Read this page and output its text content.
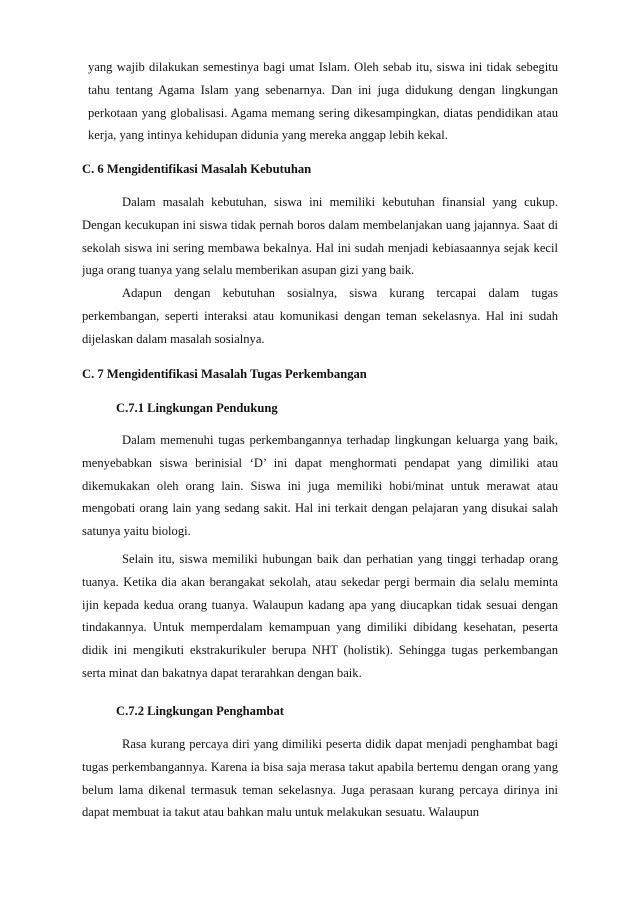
yang wajib dilakukan semestinya bagi umat Islam. Oleh sebab itu, siswa ini tidak sebegitu tahu tentang Agama Islam yang sebenarnya. Dan ini juga didukung dengan lingkungan perkotaan yang globalisasi. Agama memang sering dikesampingkan, diatas pendidikan atau kerja, yang intinya kehidupan didunia yang mereka anggap lebih kekal.

C. 6 Mengidentifikasi Masalah Kebutuhan

Dalam masalah kebutuhan, siswa ini memiliki kebutuhan finansial yang cukup. Dengan kecukupan ini siswa tidak pernah boros dalam membelanjakan uang jajannya. Saat di sekolah siswa ini sering membawa bekalnya. Hal ini sudah menjadi kebiasaannya sejak kecil juga orang tuanya yang selalu memberikan asupan gizi yang baik.

Adapun dengan kebutuhan sosialnya, siswa kurang tercapai dalam tugas perkembangan, seperti interaksi atau komunikasi dengan teman sekelasnya. Hal ini sudah dijelaskan dalam masalah sosialnya.

C. 7 Mengidentifikasi Masalah Tugas Perkembangan
C.7.1 Lingkungan Pendukung

Dalam memenuhi tugas perkembangannya terhadap lingkungan keluarga yang baik, menyebabkan siswa berinisial ‘D’ ini dapat menghormati pendapat yang dimiliki atau dikemukakan oleh orang lain. Siswa ini juga memiliki hobi/minat untuk merawat atau mengobati orang lain yang sedang sakit. Hal ini terkait dengan pelajaran yang disukai salah satunya yaitu biologi.

Selain itu, siswa memiliki hubungan baik dan perhatian yang tinggi terhadap orang tuanya. Ketika dia akan berangakat sekolah, atau sekedar pergi bermain dia selalu meminta ijin kepada kedua orang tuanya. Walaupun kadang apa yang diucapkan tidak sesuai dengan tindakannya. Untuk memperdalam kemampuan yang dimiliki dibidang kesehatan, peserta didik ini mengikuti ekstrakurikuler berupa NHT (holistik). Sehingga tugas perkembangan serta minat dan bakatnya dapat terarahkan dengan baik.

C.7.2 Lingkungan Penghambat

Rasa kurang percaya diri yang dimiliki peserta didik dapat menjadi penghambat bagi tugas perkembangannya. Karena ia bisa saja merasa takut apabila bertemu dengan orang yang belum lama dikenal termasuk teman sekelasnya. Juga perasaan kurang percaya dirinya ini dapat membuat ia takut atau bahkan malu untuk melakukan sesuatu. Walaupun
